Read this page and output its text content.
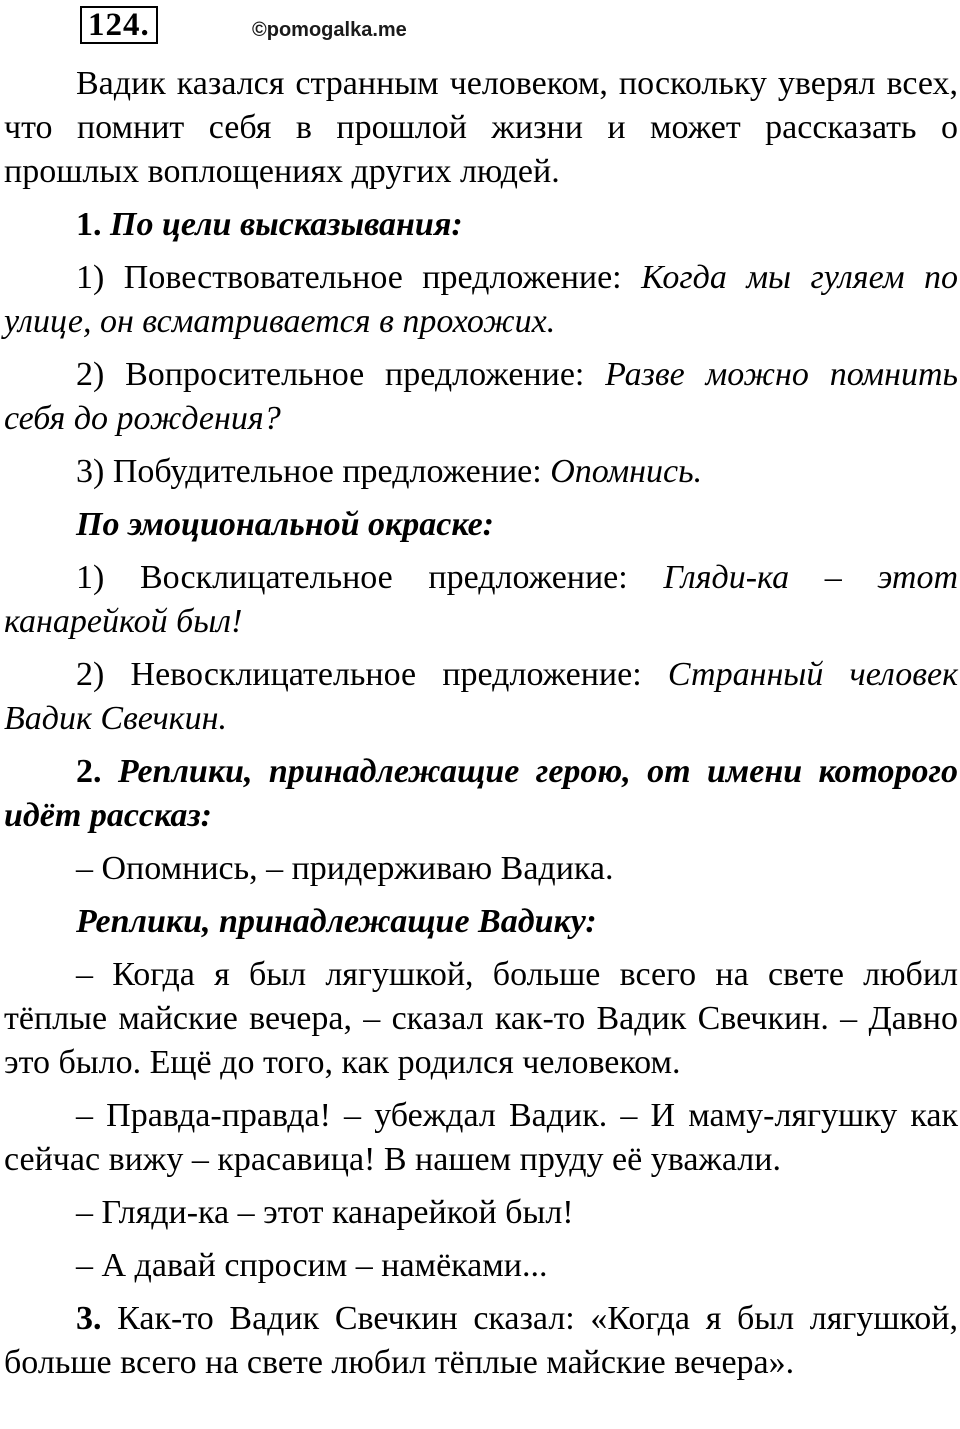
124.	©pomogalka.me

Вадик казался странным человеком, поскольку уверял всех, что помнит себя в прошлой жизни и может рассказать о прошлых воплощениях других людей.

1. По цели высказывания:

1) Повествовательное предложение: Когда мы гуляем по улице, он всматривается в прохожих.

2) Вопросительное предложение: Разве можно помнить себя до рождения?

3) Побудительное предложение: Опомнись.

По эмоциональной окраске:

1) Восклицательное предложение: Гляди-ка – этот канарейкой был!

2) Невосклицательное предложение: Странный человек Вадик Свечкин.

2. Реплики, принадлежащие герою, от имени которого идёт рассказ:

– Опомнись, – придерживаю Вадика.

Реплики, принадлежащие Вадику:

– Когда я был лягушкой, больше всего на свете любил тёплые майские вечера, – сказал как-то Вадик Свечкин. – Давно это было. Ещё до того, как родился человеком.

– Правда-правда! – убеждал Вадик. – И маму-лягушку как сейчас вижу – красавица! В нашем пруду её уважали.

– Гляди-ка – этот канарейкой был!

– А давай спросим – намёками...

3. Как-то Вадик Свечкин сказал: «Когда я был лягушкой, больше всего на свете любил тёплые майские вечера».
